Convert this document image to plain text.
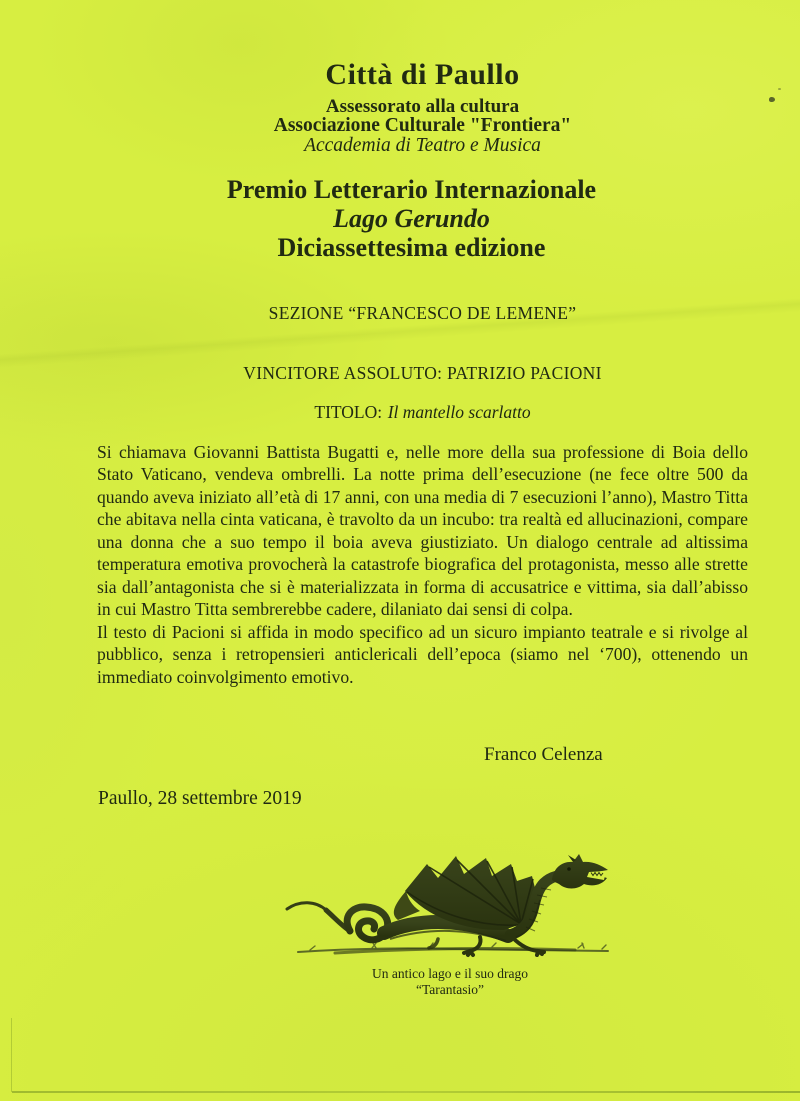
Città di Paullo
Assessorato alla cultura
Associazione Culturale "Frontiera"
Accademia di Teatro e Musica
Premio Letterario Internazionale
Lago Gerundo
Diciassettesima edizione
SEZIONE “FRANCESCO DE LEMENE”
VINCITORE ASSOLUTO: PATRIZIO PACIONI
TITOLO: Il mantello scarlatto

Si chiamava Giovanni Battista Bugatti e, nelle more della sua professione di Boia dello Stato Vaticano, vendeva ombrelli. La notte prima dell’esecuzione (ne fece oltre 500 da quando aveva iniziato all’età di 17 anni, con una media di 7 esecuzioni l’anno), Mastro Titta che abitava nella cinta vaticana, è travolto da un incubo: tra realtà ed allucinazioni, compare una donna che a suo tempo il boia aveva giustiziato. Un dialogo centrale ad altissima temperatura emotiva provocherà la catastrofe biografica del protagonista, messo alle strette sia dall’antagonista che si è materializzata in forma di accusatrice e vittima, sia dall’abisso in cui Mastro Titta sembrerebbe cadere, dilaniato dai sensi di colpa.

Il testo di Pacioni si affida in modo specifico ad un sicuro impianto teatrale e si rivolge al pubblico, senza i retropensieri anticlericali dell’epoca (siamo nel ‘700), ottenendo un immediato coinvolgimento emotivo.

Franco Celenza
Paullo, 28 settembre 2019
Un antico lago e il suo drago
“Tarantasio”
